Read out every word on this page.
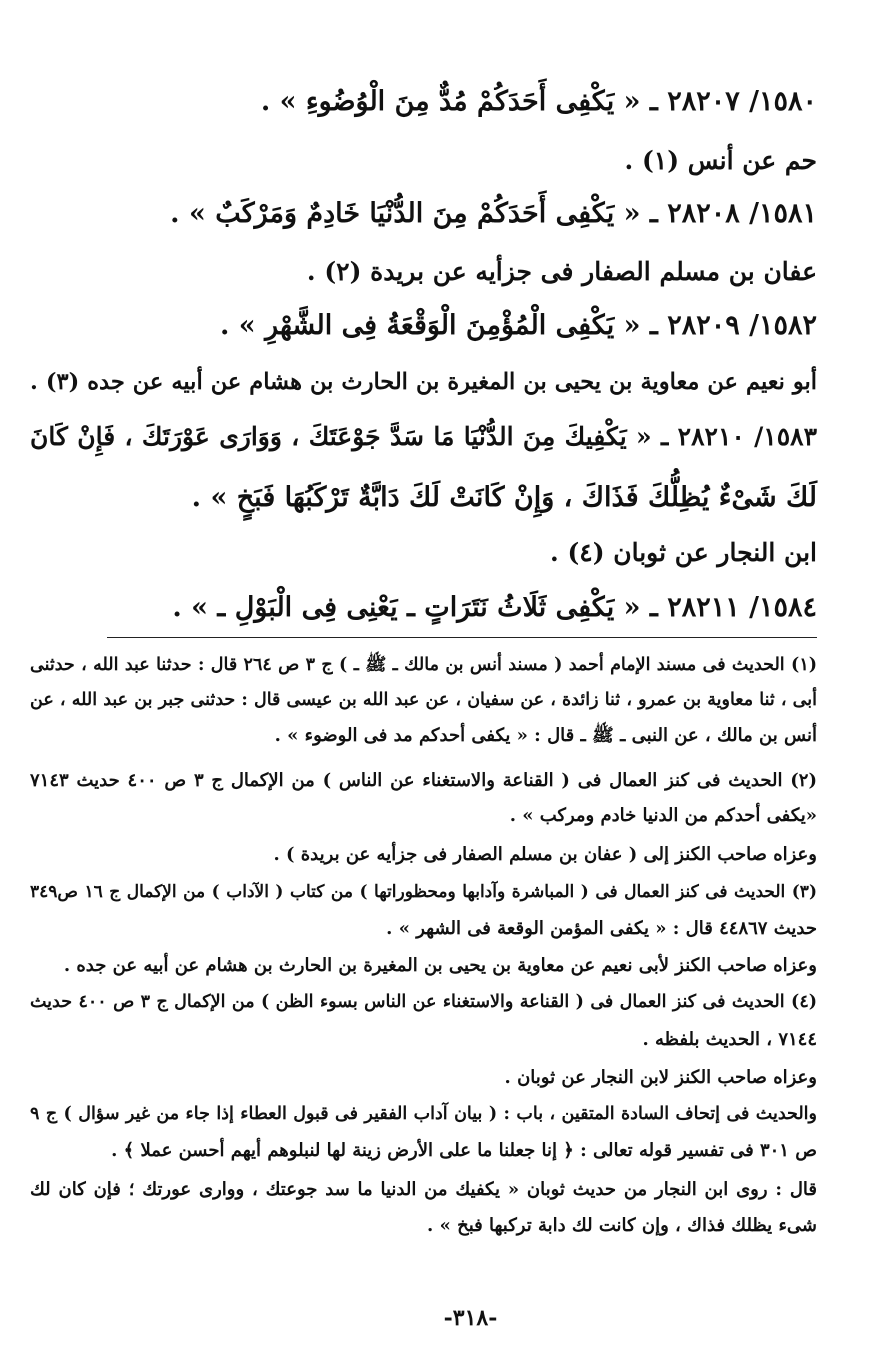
١٥٨٠/ ٢٨٢٠٧ ـ « يَكْفِى أَحَدَكُمْ مُدٌّ مِنَ الْوُضُوءِ » .
حم عن أنس (١) .
١٥٨١/ ٢٨٢٠٨ ـ « يَكْفِى أَحَدَكُمْ مِنَ الدُّنْيَا خَادِمٌ وَمَرْكَبٌ » .
عفان بن مسلم الصفار فى جزأيه عن بريدة (٢) .
١٥٨٢/ ٢٨٢٠٩ ـ « يَكْفِى الْمُؤْمِنَ الْوَقْعَةُ فِى الشَّهْرِ » .
أبو نعيم عن معاوية بن يحيى بن المغيرة بن الحارث بن هشام عن أبيه عن جده (٣) .
١٥٨٣/ ٢٨٢١٠ ـ « يَكْفِيكَ مِنَ الدُّنْيَا مَا سَدَّ جَوْعَتَكَ ، وَوَارَى عَوْرَتَكَ ، فَإِنْ كَانَ
لَكَ شَىْءٌ يُظِلُّكَ فَذَاكَ ، وَإِنْ كَانَتْ لَكَ دَابَّةٌ تَرْكَبُهَا فَبَخٍ » .
ابن النجار عن ثوبان (٤) .
١٥٨٤/ ٢٨٢١١ ـ « يَكْفِى ثَلَاثُ نَتَرَاتٍ ـ يَعْنِى فِى الْبَوْلِ ـ » .
(١) الحديث فى مسند الإمام أحمد ( مسند أنس بن مالك ـ ﷺ ـ ) ج ٣ ص ٢٦٤ قال : حدثنا عبد الله ، حدثنى
أبى ، ثنا معاوية بن عمرو ، ثنا زائدة ، عن سفيان ، عن عبد الله بن عيسى قال : حدثنى جبر بن عبد الله ، عن
أنس بن مالك ، عن النبى ـ ﷺ ـ قال : « يكفى أحدكم مد فى الوضوء » .
(٢) الحديث فى كنز العمال فى ( القناعة والاستغناء عن الناس ) من الإكمال ج ٣ ص ٤٠٠ حديث ٧١٤٣
«يكفى أحدكم من الدنيا خادم ومركب » .
وعزاه صاحب الكنز إلى ( عفان بن مسلم الصفار فى جزأيه عن بريدة ) .
(٣) الحديث فى كنز العمال فى ( المباشرة وآدابها ومحظوراتها ) من كتاب ( الآداب ) من الإكمال ج ١٦ ص٣٤٩
حديث ٤٤٨٦٧ قال : « يكفى المؤمن الوقعة فى الشهر » .
وعزاه صاحب الكنز لأبى نعيم عن معاوية بن يحيى بن المغيرة بن الحارث بن هشام عن أبيه عن جده .
(٤) الحديث فى كنز العمال فى ( القناعة والاستغناء عن الناس بسوء الظن ) من الإكمال ج ٣ ص ٤٠٠ حديث
٧١٤٤ ، الحديث بلفظه .
وعزاه صاحب الكنز لابن النجار عن ثوبان .
والحديث فى إتحاف السادة المتقين ، باب : ( بيان آداب الفقير فى قبول العطاء إذا جاء من غير سؤال ) ج ٩
ص ٣٠١ فى تفسير قوله تعالى : ﴿ إنا جعلنا ما على الأرض زينة لها لنبلوهم أيهم أحسن عملا ﴾ .
قال : روى ابن النجار من حديث ثوبان « يكفيك من الدنيا ما سد جوعتك ، ووارى عورتك ؛ فإن كان لك
شىء يظلك فذاك ، وإن كانت لك دابة تركبها فبخ » .
-٣١٨-
